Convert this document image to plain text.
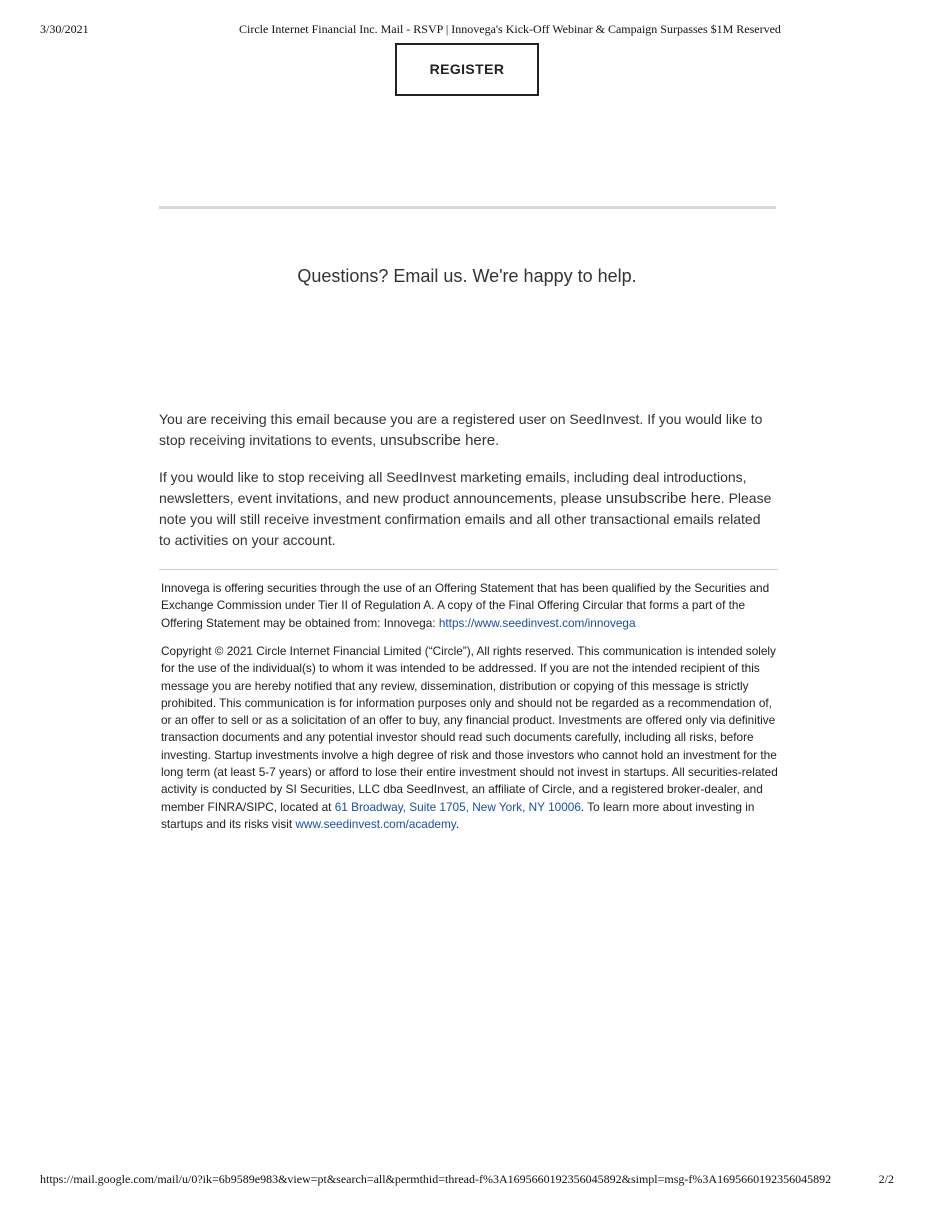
3/30/2021	Circle Internet Financial Inc. Mail - RSVP | Innovega's Kick-Off Webinar & Campaign Surpasses $1M Reserved
REGISTER
Questions? Email us. We're happy to help.
You are receiving this email because you are a registered user on SeedInvest. If you would like to stop receiving invitations to events, unsubscribe here.
If you would like to stop receiving all SeedInvest marketing emails, including deal introductions, newsletters, event invitations, and new product announcements, please unsubscribe here. Please note you will still receive investment confirmation emails and all other transactional emails related to activities on your account.
Innovega is offering securities through the use of an Offering Statement that has been qualified by the Securities and Exchange Commission under Tier II of Regulation A. A copy of the Final Offering Circular that forms a part of the Offering Statement may be obtained from: Innovega: https://www.seedinvest.com/innovega
Copyright © 2021 Circle Internet Financial Limited (“Circle”), All rights reserved. This communication is intended solely for the use of the individual(s) to whom it was intended to be addressed. If you are not the intended recipient of this message you are hereby notified that any review, dissemination, distribution or copying of this message is strictly prohibited. This communication is for information purposes only and should not be regarded as a recommendation of, or an offer to sell or as a solicitation of an offer to buy, any financial product. Investments are offered only via definitive transaction documents and any potential investor should read such documents carefully, including all risks, before investing. Startup investments involve a high degree of risk and those investors who cannot hold an investment for the long term (at least 5-7 years) or afford to lose their entire investment should not invest in startups. All securities-related activity is conducted by SI Securities, LLC dba SeedInvest, an affiliate of Circle, and a registered broker-dealer, and member FINRA/SIPC, located at 61 Broadway, Suite 1705, New York, NY 10006. To learn more about investing in startups and its risks visit www.seedinvest.com/academy.
https://mail.google.com/mail/u/0?ik=6b9589e983&view=pt&search=all&permthid=thread-f%3A1695660192356045892&simpl=msg-f%3A1695660192356045892	2/2
